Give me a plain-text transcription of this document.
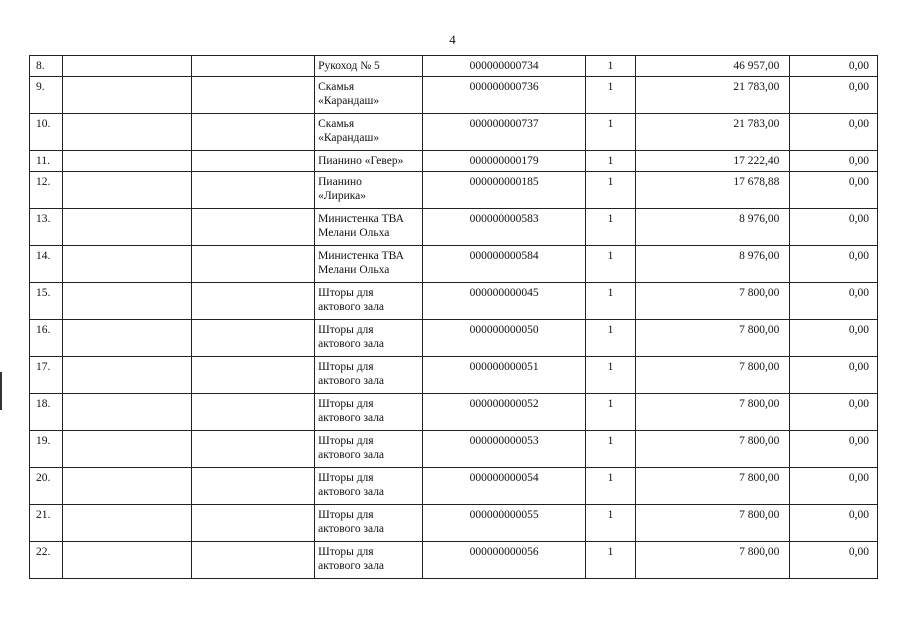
4
8.			Рукоход № 5	000000000734	1	46 957,00	0,00
9.			Скамья
«Карандаш»	000000000736	1	21 783,00	0,00
10.			Скамья
«Карандаш»	000000000737	1	21 783,00	0,00
11.			Пианино «Гевер»	000000000179	1	17 222,40	0,00
12.			Пианино
«Лирика»	000000000185	1	17 678,88	0,00
13.			Министенка ТВА
Мелани Ольха	000000000583	1	8 976,00	0,00
14.			Министенка ТВА
Мелани Ольха	000000000584	1	8 976,00	0,00
15.			Шторы для
актового зала	000000000045	1	7 800,00	0,00
16.			Шторы для
актового зала	000000000050	1	7 800,00	0,00
17.			Шторы для
актового зала	000000000051	1	7 800,00	0,00
18.			Шторы для
актового зала	000000000052	1	7 800,00	0,00
19.			Шторы для
актового зала	000000000053	1	7 800,00	0,00
20.			Шторы для
актового зала	000000000054	1	7 800,00	0,00
21.			Шторы для
актового зала	000000000055	1	7 800,00	0,00
22.			Шторы для
актового зала	000000000056	1	7 800,00	0,00
